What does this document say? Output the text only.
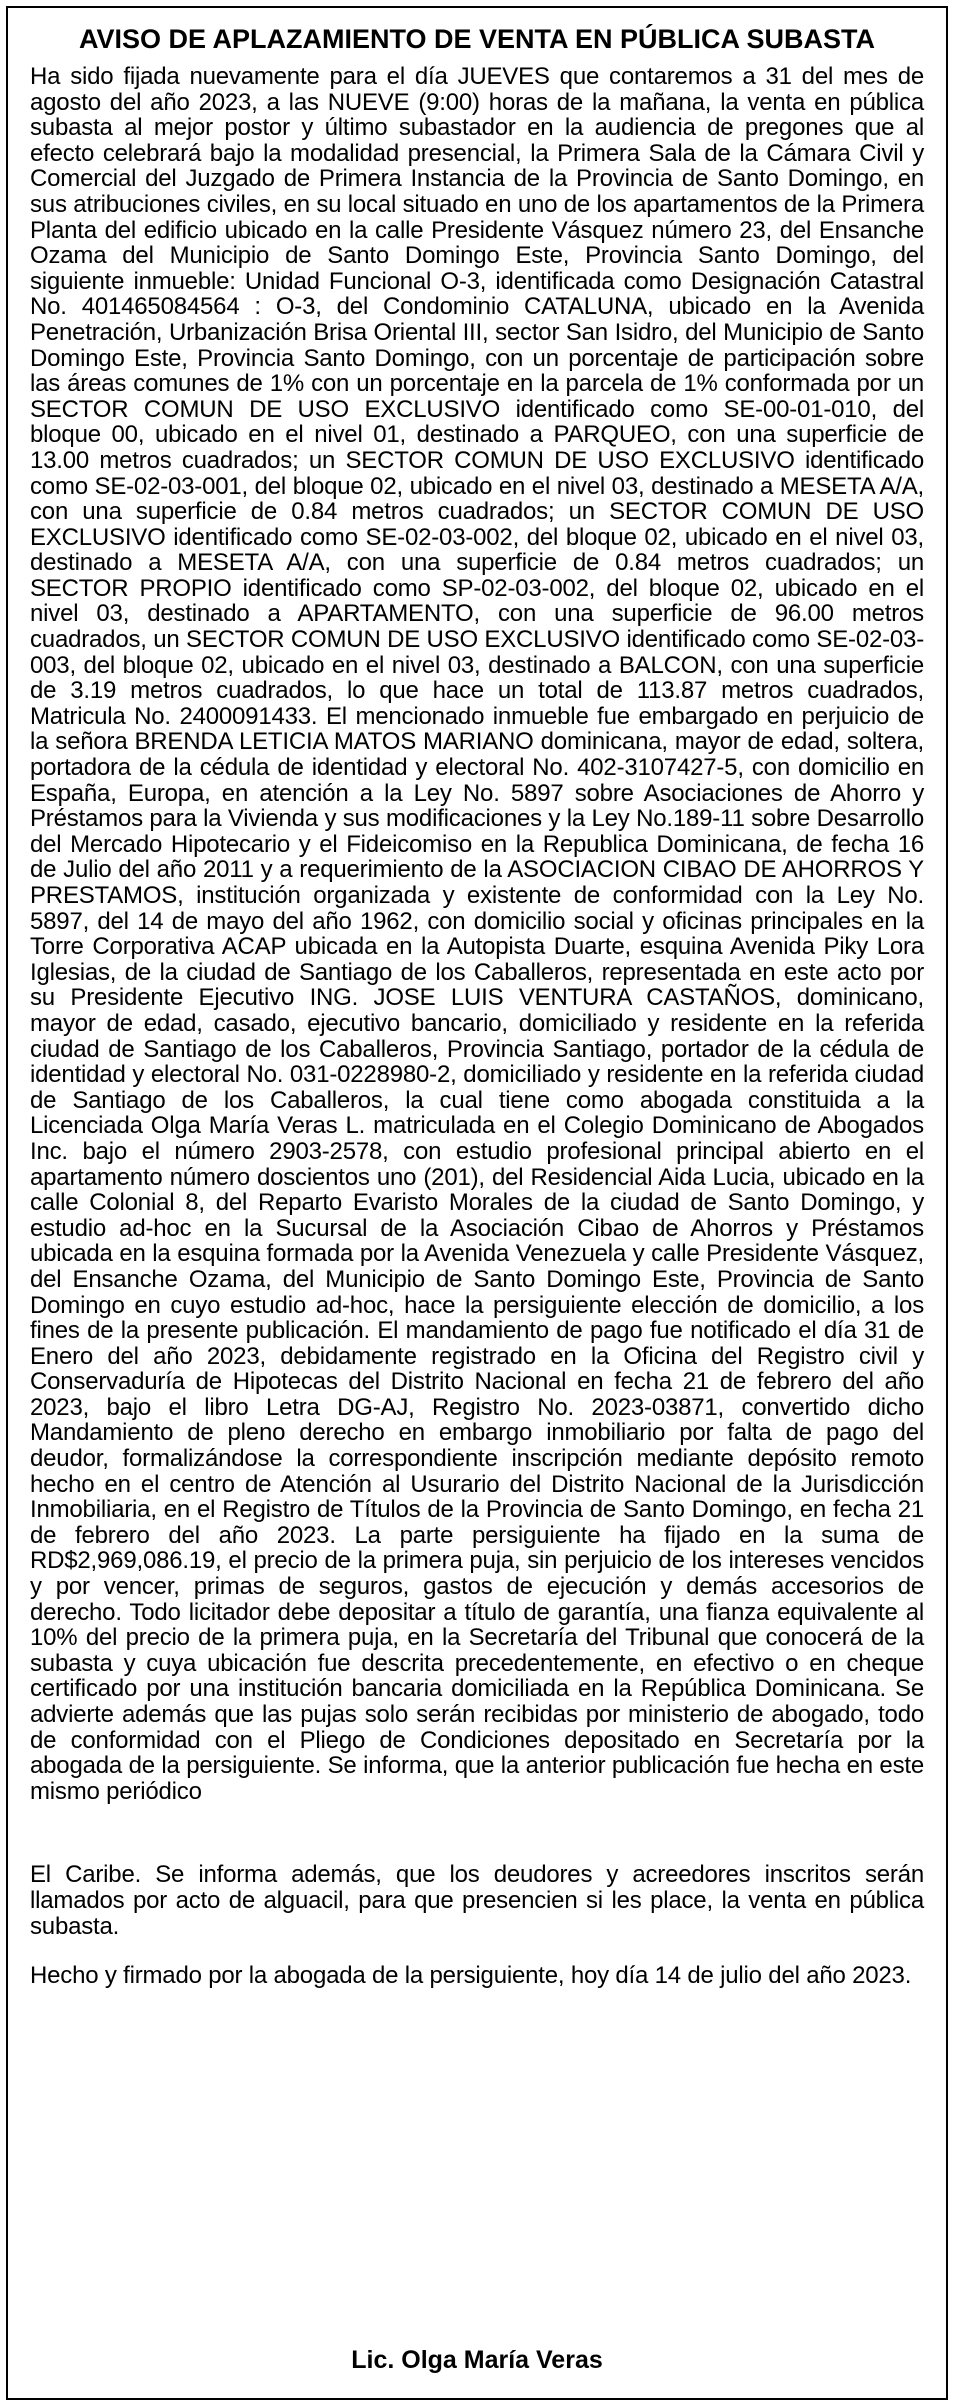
AVISO DE APLAZAMIENTO DE VENTA EN PÚBLICA SUBASTA

Ha sido fijada nuevamente para el día JUEVES que contaremos a 31 del mes de agosto del año 2023, a las NUEVE (9:00) horas de la mañana, la venta en pública subasta al mejor postor y último subastador en la audiencia de pregones que al efecto celebrará bajo la modalidad presencial, la Primera Sala de la Cámara Civil y Comercial del Juzgado de Primera Instancia de la Provincia de Santo Domingo, en sus atribuciones civiles, en su local situado en uno de los apartamentos de la Primera Planta del edificio ubicado en la calle Presidente Vásquez número 23, del Ensanche Ozama del Municipio de Santo Domingo Este, Provincia Santo Domingo, del siguiente inmueble: Unidad Funcional O-3, identificada como Designación Catastral No. 401465084564 : O-3, del Condominio CATALUNA, ubicado en la Avenida Penetración, Urbanización Brisa Oriental III, sector San Isidro, del Municipio de Santo Domingo Este, Provincia Santo Domingo, con un porcentaje de participación sobre las áreas comunes de 1% con un porcentaje en la parcela de 1% conformada por un SECTOR COMUN DE USO EXCLUSIVO identificado como SE-00-01-010, del bloque 00, ubicado en el nivel 01, destinado a PARQUEO, con una superficie de 13.00 metros cuadrados; un SECTOR COMUN DE USO EXCLUSIVO identificado como SE-02-03-001, del bloque 02, ubicado en el nivel 03, destinado a MESETA A/A, con una superficie de 0.84 metros cuadrados; un SECTOR COMUN DE USO EXCLUSIVO identificado como SE-02-03-002, del bloque 02, ubicado en el nivel 03, destinado a MESETA A/A, con una superficie de 0.84 metros cuadrados; un SECTOR PROPIO identificado como SP-02-03-002, del bloque 02, ubicado en el nivel 03, destinado a APARTAMENTO, con una superficie de 96.00 metros cuadrados, un SECTOR COMUN DE USO EXCLUSIVO identificado como SE-02-03-003, del bloque 02, ubicado en el nivel 03, destinado a BALCON, con una superficie de 3.19 metros cuadrados, lo que hace un total de 113.87 metros cuadrados, Matricula No. 2400091433. El mencionado inmueble fue embargado en perjuicio de la señora BRENDA LETICIA MATOS MARIANO dominicana, mayor de edad, soltera, portadora de la cédula de identidad y electoral No. 402-3107427-5, con domicilio en España, Europa, en atención a la Ley No. 5897 sobre Asociaciones de Ahorro y Préstamos para la Vivienda y sus modificaciones y la Ley No.189-11 sobre Desarrollo del Mercado Hipotecario y el Fideicomiso en la Republica Dominicana, de fecha 16 de Julio del año 2011 y a requerimiento de la ASOCIACION CIBAO DE AHORROS Y PRESTAMOS, institución organizada y existente de conformidad con la Ley No. 5897, del 14 de mayo del año 1962, con domicilio social y oficinas principales en la Torre Corporativa ACAP ubicada en la Autopista Duarte, esquina Avenida Piky Lora Iglesias, de la ciudad de Santiago de los Caballeros, representada en este acto por su Presidente Ejecutivo ING. JOSE LUIS VENTURA CASTAÑOS, dominicano, mayor de edad, casado, ejecutivo bancario, domiciliado y residente en la referida ciudad de Santiago de los Caballeros, Provincia Santiago, portador de la cédula de identidad y electoral No. 031-0228980-2, domiciliado y residente en la referida ciudad de Santiago de los Caballeros, la cual tiene como abogada constituida a la Licenciada Olga María Veras L. matriculada en el Colegio Dominicano de Abogados Inc. bajo el número 2903-2578, con estudio profesional principal abierto en el apartamento número doscientos uno (201), del Residencial Aida Lucia, ubicado en la calle Colonial 8, del Reparto Evaristo Morales de la ciudad de Santo Domingo, y estudio ad-hoc en la Sucursal de la Asociación Cibao de Ahorros y Préstamos ubicada en la esquina formada por la Avenida Venezuela y calle Presidente Vásquez, del Ensanche Ozama, del Municipio de Santo Domingo Este, Provincia de Santo Domingo en cuyo estudio ad-hoc, hace la persiguiente elección de domicilio, a los fines de la presente publicación. El mandamiento de pago fue notificado el día 31 de Enero del año 2023, debidamente registrado en la Oficina del Registro civil y Conservaduría de Hipotecas del Distrito Nacional en fecha 21 de febrero del año 2023, bajo el libro Letra DG-AJ, Registro No. 2023-03871, convertido dicho Mandamiento de pleno derecho en embargo inmobiliario por falta de pago del deudor, formalizándose la correspondiente inscripción mediante depósito remoto hecho en el centro de Atención al Usurario del Distrito Nacional de la Jurisdicción Inmobiliaria, en el Registro de Títulos de la Provincia de Santo Domingo, en fecha 21 de febrero del año 2023. La parte persiguiente ha fijado en la suma de RD$2,969,086.19, el precio de la primera puja, sin perjuicio de los intereses vencidos y por vencer, primas de seguros, gastos de ejecución y demás accesorios de derecho. Todo licitador debe depositar a título de garantía, una fianza equivalente al 10% del precio de la primera puja, en la Secretaría del Tribunal que conocerá de la subasta y cuya ubicación fue descrita precedentemente, en efectivo o en cheque certificado por una institución bancaria domiciliada en la República Dominicana. Se advierte además que las pujas solo serán recibidas por ministerio de abogado, todo de conformidad con el Pliego de Condiciones depositado en Secretaría por la abogada de la persiguiente. Se informa, que la anterior publicación fue hecha en este mismo periódico

El Caribe. Se informa además, que los deudores y acreedores inscritos serán llamados por acto de alguacil, para que presencien si les place, la venta en pública subasta.

Hecho y firmado por la abogada de la persiguiente, hoy día 14 de julio del año 2023.

Lic. Olga María Veras
